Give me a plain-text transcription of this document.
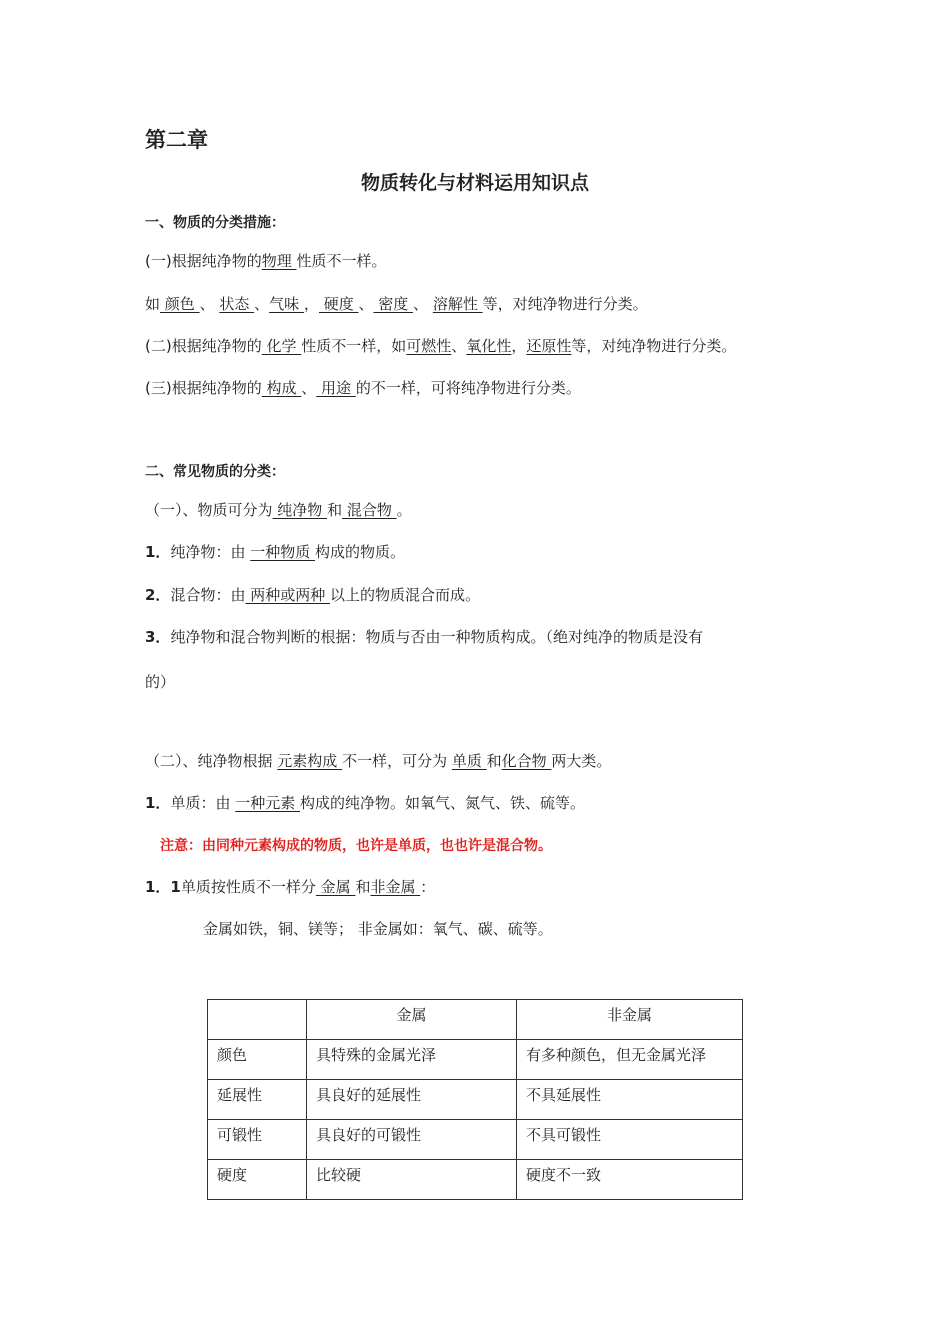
第二章
物质转化与材料运用知识点
一、物质的分类措施：
(一)根据纯净物的物理 性质不一样。
如 颜色 、 状态 、气味 ， 硬度 、 密度 、 溶解性 等，对纯净物进行分类。
(二)根据纯净物的 化学 性质不一样，如可燃性、氧化性，还原性等，对纯净物进行分类。
(三)根据纯净物的 构成 、 用途 的不一样，可将纯净物进行分类。
二、常见物质的分类：
（一）、物质可分为 纯净物 和 混合物 。
1．纯净物：由 一种物质 构成的物质。
2．混合物：由 两种或两种 以上的物质混合而成。
3．纯净物和混合物判断的根据：物质与否由一种物质构成。（绝对纯净的物质是没有
的）
（二）、纯净物根据 元素构成 不一样，可分为 单质 和化合物 两大类。
1．单质：由 一种元素 构成的纯净物。如氧气、氮气、铁、硫等。
注意：由同种元素构成的物质，也许是单质，也也许是混合物。
1．1单质按性质不一样分 金属 和非金属 ：
金属如铁，铜、镁等； 非金属如：氧气、碳、硫等。
	金属	非金属
颜色	具特殊的金属光泽	有多种颜色，但无金属光泽
延展性	具良好的延展性	不具延展性
可锻性	具良好的可锻性	不具可锻性
硬度	比较硬	硬度不一致
